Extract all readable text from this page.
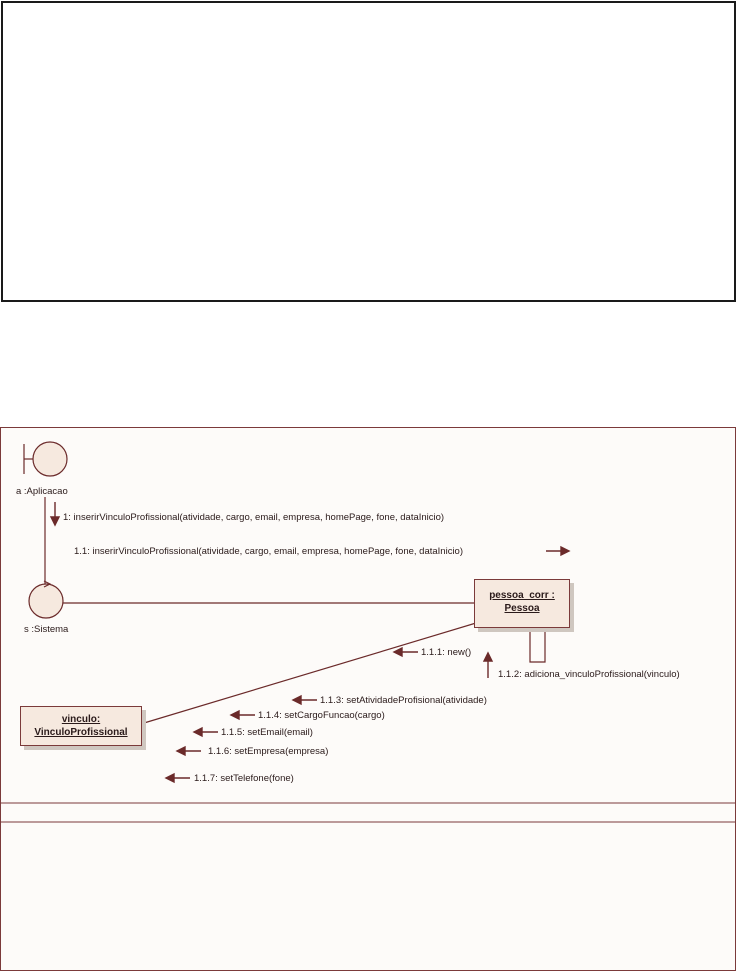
a :Aplicacao
s :Sistema
pessoa_corr :
Pessoa
vinculo:
VinculoProfissional
1: inserirVinculoProfissional(atividade, cargo, email, empresa, homePage, fone, dataInicio)
1.1: inserirVinculoProfissional(atividade, cargo, email, empresa, homePage, fone, dataInicio)
1.1.1: new()
1.1.2: adiciona_vinculoProfissional(vinculo)
1.1.3: setAtividadeProfisional(atividade)
1.1.4: setCargoFuncao(cargo)
1.1.5: setEmail(email)
1.1.6: setEmpresa(empresa)
1.1.7: setTelefone(fone)
